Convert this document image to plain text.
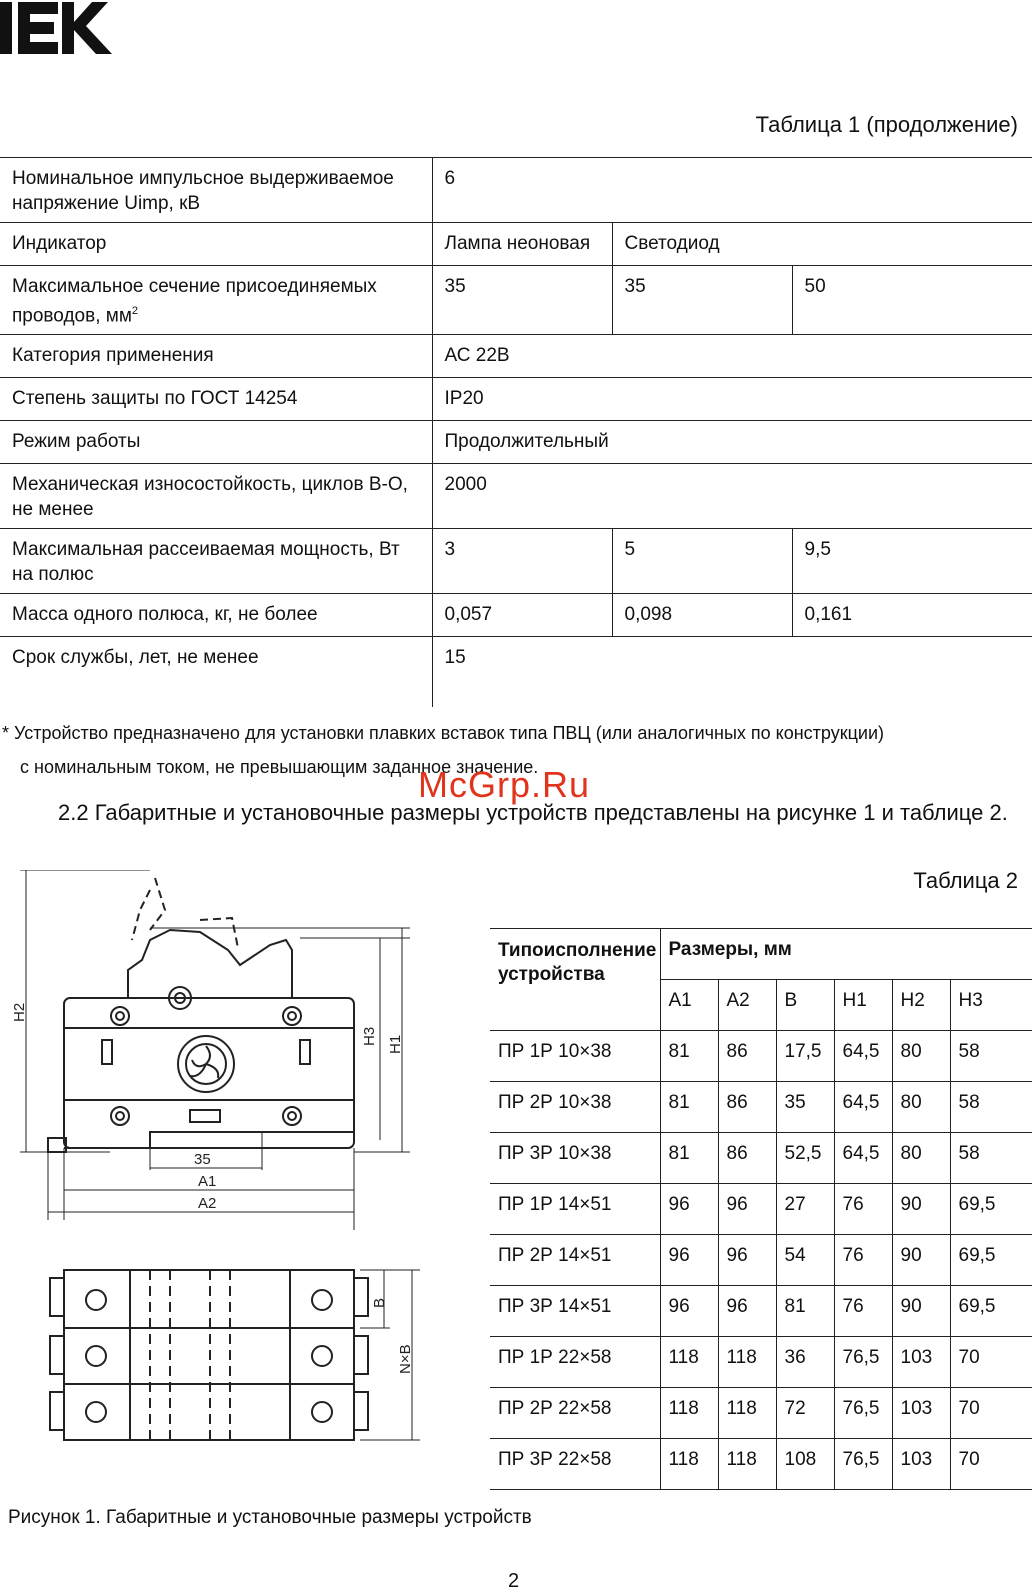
Таблица 1 (продолжение)
Номинальное импульсное выдерживаемое напряжение Uimp, кВ	6		
Индикатор	Лампа неоновая	Светодиод	
Максимальное сечение присоединяемых проводов, $мм^2$	35	35	50
Категория применения	АС 22В		
Степень защиты по ГОСТ 14254	IP20		
Режим работы	Продолжительный		
Механическая износостойкость, циклов В-О, не менее	2000		
Максимальная рассеиваемая мощность, Вт на полюс	3	5	9,5
Масса одного полюса, кг, не более	0,057	0,098	0,161
Срок службы, лет, не менее	15		
* Устройство предназначено для установки плавких вставок типа ПВЦ (или аналогичных по конструкции)
с номинальным током, не превышающим заданное значение.
McGrp.Ru
2.2 Габаритные и установочные размеры устройств представлены на рисунке 1 и таблице 2.
Таблица 2
Типоисполнение устройства	Размеры, мм					
	A1	A2	B	H1	H2	H3
ПР 1Р 10×38	81	86	17,5	64,5	80	58
ПР 2Р 10×38	81	86	35	64,5	80	58
ПР 3Р 10×38	81	86	52,5	64,5	80	58
ПР 1Р 14×51	96	96	27	76	90	69,5
ПР 2Р 14×51	96	96	54	76	90	69,5
ПР 3Р 14×51	96	96	81	76	90	69,5
ПР 1Р 22×58	118	118	36	76,5	103	70
ПР 2Р 22×58	118	118	72	76,5	103	70
ПР 3Р 22×58	118	118	108	76,5	103	70
H2
H3 H1
35
A1
A2
B
N×B
Рисунок 1. Габаритные и установочные размеры устройств
2
